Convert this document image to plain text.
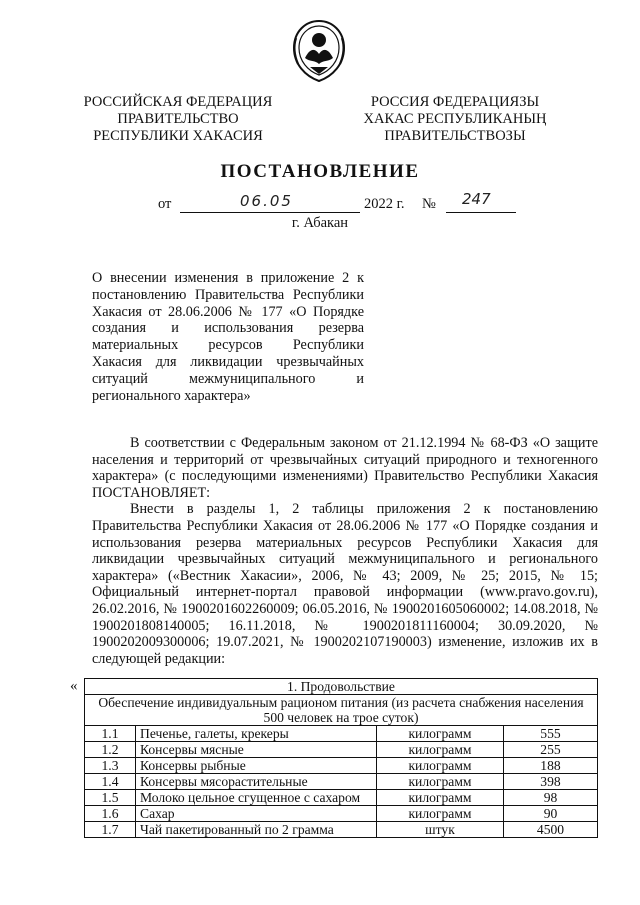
РОССИЙСКАЯ ФЕДЕРАЦИЯ
ПРАВИТЕЛЬСТВО
РЕСПУБЛИКИ ХАКАСИЯ
РОССИЯ ФЕДЕРАЦИЯЗЫ
ХАКАС РЕСПУБЛИКАНЫҢ
ПРАВИТЕЛЬСТВОЗЫ
ПОСТАНОВЛЕНИЕ
от	06.05	2022 г. № 247
г. Абакан
О внесении изменения в приложение 2 к постановлению Правительства Республики Хакасия от 28.06.2006 № 177 «О Порядке создания и использования резерва материальных ресурсов Республики Хакасия для ликвидации чрезвычайных ситуаций межмуниципального и регионального характера»

В соответствии с Федеральным законом от 21.12.1994 № 68-ФЗ «О защите населения и территорий от чрезвычайных ситуаций природного и техногенного характера» (с последующими изменениями) Правительство Республики Хакасия ПОСТАНОВЛЯЕТ:

Внести в разделы 1, 2 таблицы приложения 2 к постановлению Правительства Республики Хакасия от 28.06.2006 № 177 «О Порядке создания и использования резерва материальных ресурсов Республики Хакасия для ликвидации чрезвычайных ситуаций межмуниципального и регионального характера» («Вестник Хакасии», 2006, № 43; 2009, № 25; 2015, № 15; Официальный интернет-портал правовой информации (www.pravo.gov.ru), 26.02.2016, № 1900201602260009; 06.05.2016, № 1900201605060002; 14.08.2018, № 1900201808140005; 16.11.2018, № 1900201811160004; 30.09.2020, № 1900202009300006; 19.07.2021, № 1900202107190003) изменение, изложив их в следующей редакции:

«	1. Продовольствие			
Обеспечение индивидуальным рационом питания (из расчета снабжения населения 500 человек на трое суток)			
1.1	Печенье, галеты, крекеры	килограмм	555
1.2	Консервы мясные	килограмм	255
1.3	Консервы рыбные	килограмм	188
1.4	Консервы мясорастительные	килограмм	398
1.5	Молоко цельное сгущенное с сахаром	килограмм	98
1.6	Сахар	килограмм	90
1.7	Чай пакетированный по 2 грамма	штук	4500
